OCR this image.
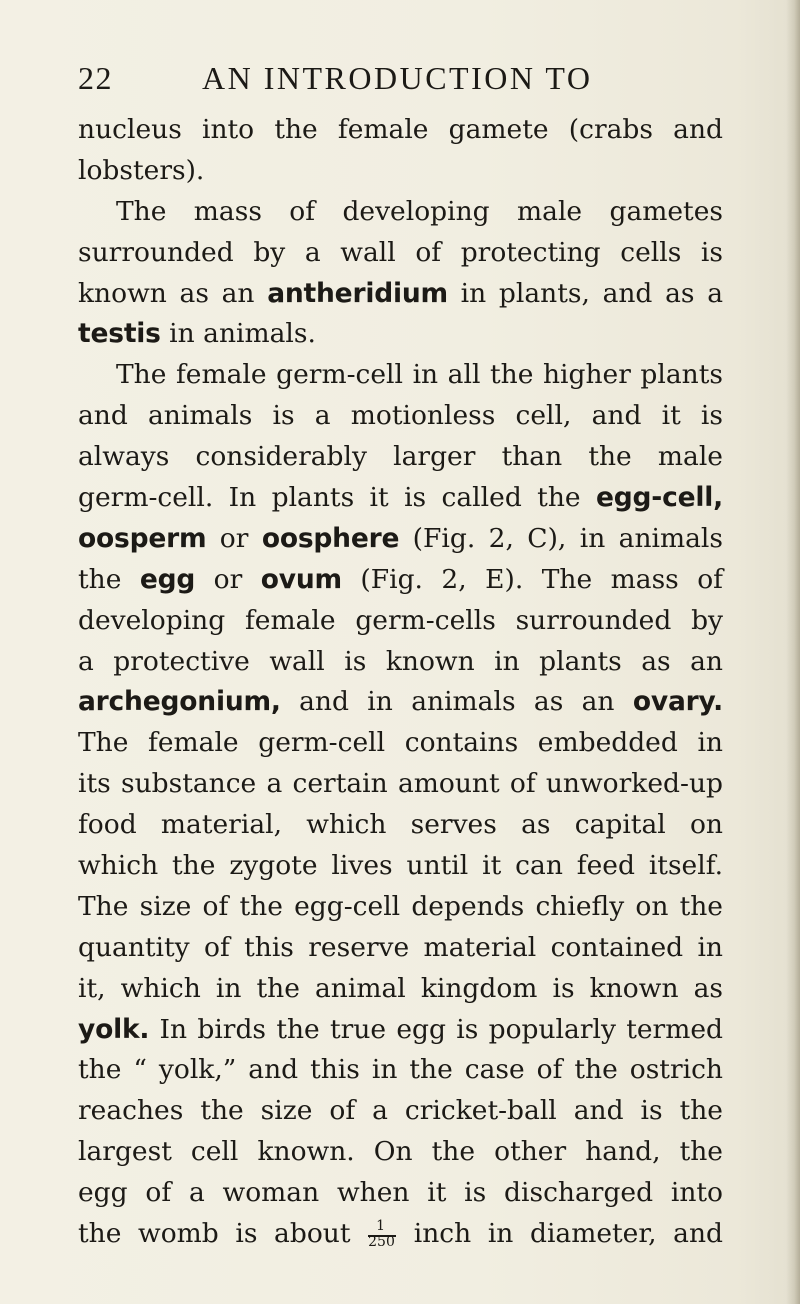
22	AN INTRODUCTION TO
nucleus into the female gamete (crabs and
lobsters).
The mass of developing male gametes
surrounded by a wall of protecting cells is
known as an antheridium in plants, and as a
testis in animals.
The female germ-cell in all the higher plants
and animals is a motionless cell, and it is
always considerably larger than the male
germ-cell. In plants it is called the egg-cell,
oosperm or oosphere (Fig. 2, C), in animals
the egg or ovum (Fig. 2, E). The mass of
developing female germ-cells surrounded by
a protective wall is known in plants as an
archegonium, and in animals as an ovary.
The female germ-cell contains embedded in
its substance a certain amount of unworked-up
food material, which serves as capital on
which the zygote lives until it can feed itself.
The size of the egg-cell depends chiefly on the
quantity of this reserve material contained in
it, which in the animal kingdom is known as
yolk. In birds the true egg is popularly termed
the “ yolk,” and this in the case of the ostrich
reaches the size of a cricket-ball and is the
largest cell known. On the other hand, the
egg of a woman when it is discharged into
the womb is about $\frac{1}{250}$ inch in diameter, and
